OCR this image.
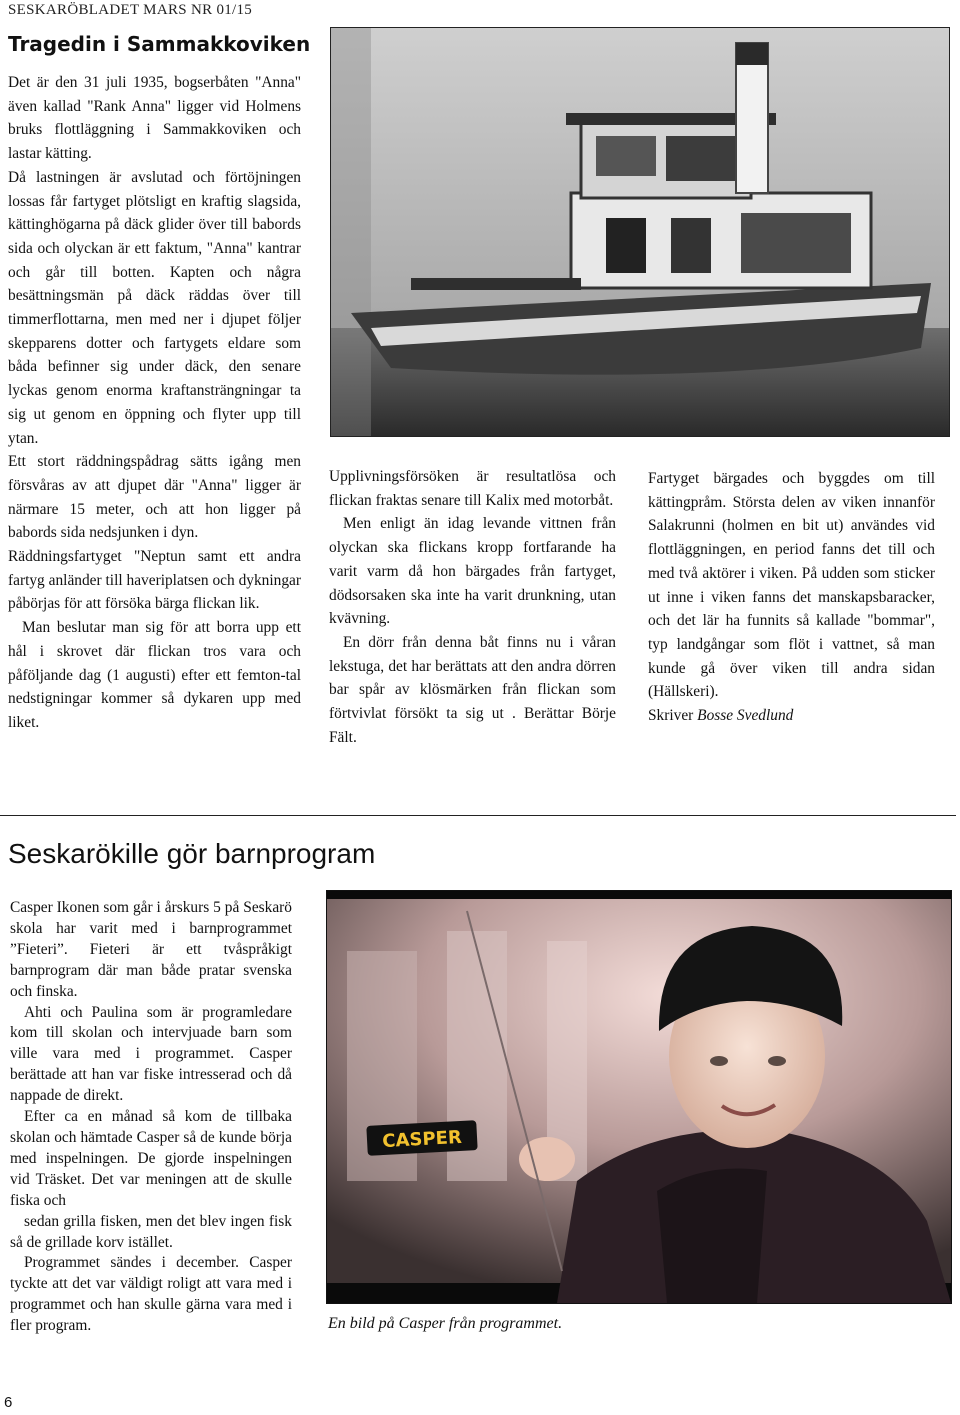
SESKARÖBLADET MARS NR 01/15
Tragedin i Sammakkoviken

Det är den 31 juli 1935, bogserbåten "Anna" även kallad "Rank Anna" ligger vid Holmens bruks flottläggning i Sammakkoviken och lastar kätting.

Då lastningen är avslutad och förtöjningen lossas får fartyget plötsligt en kraftig slagsida, kättinghögarna på däck glider över till babords sida och olyckan är ett faktum, "Anna" kantrar och går till botten. Kapten och några besättningsmän på däck räddas över till timmerflottarna, men med ner i djupet följer skepparens dotter och fartygets eldare som båda befinner sig under däck, den senare lyckas genom enorma kraftansträngningar ta sig ut genom en öppning och flyter upp till ytan.

Ett stort räddningspådrag sätts igång men försvåras av att djupet där "Anna" ligger är närmare 15 meter, och att hon ligger på babords sida nedsjunken i dyn.

Räddningsfartyget "Neptun samt ett andra fartyg anländer till haveriplatsen och dykningar påbörjas för att försöka bärga flickan lik.

Man beslutar man sig för att borra upp ett hål i skrovet där flickan tros vara och påföljande dag (1 augusti) efter ett femton-tal nedstigningar kommer så dykaren upp med liket.

Upplivningsförsöken är resultatlösa och flickan fraktas senare till Kalix med motorbåt.

Men enligt än idag levande vittnen från olyckan ska flickans kropp fortfarande ha varit varm då hon bärgades från fartyget, dödsorsaken ska inte ha varit drunkning, utan kvävning.

En dörr från denna båt finns nu i våran lekstuga, det har berättats att den andra dörren bar spår av klösmärken från flickan som förtvivlat försökt ta sig ut . Berättar Börje Fält.

Fartyget bärgades och byggdes om till kättingpråm. Största delen av viken innanför Salakrunni (holmen en bit ut) användes vid flottläggningen, en period fanns det till och med två aktörer i viken. På udden som sticker ut inne i viken fanns det manskapsbaracker, och det lär ha funnits så kallade "bommar", typ landgångar som flöt i vattnet, så man kunde gå över viken till andra sidan (Hällskeri).

Skriver Bosse Svedlund

Seskarökille gör barnprogram

Casper Ikonen som går i årskurs 5 på Seskarö skola har varit med i barnprogrammet ”Fieteri”. Fieteri är ett tvåspråkigt barnprogram där man både pratar svenska och finska.

Ahti och Paulina som är programledare kom till skolan och intervjuade barn som ville vara med i programmet. Casper berättade att han var fiske intresserad och då nappade de direkt.

Efter ca en månad så kom de tillbaka skolan och hämtade Casper så de kunde börja med inspelningen. De gjorde inspelningen vid Träsket. Det var meningen att de skulle fiska och

sedan grilla fisken, men det blev ingen fisk så de grillade korv istället.

Programmet sändes i december. Casper tyckte att det var väldigt roligt att vara med i programmet och han skulle gärna vara med i fler program.

CASPER
En bild på Casper från programmet.
6
